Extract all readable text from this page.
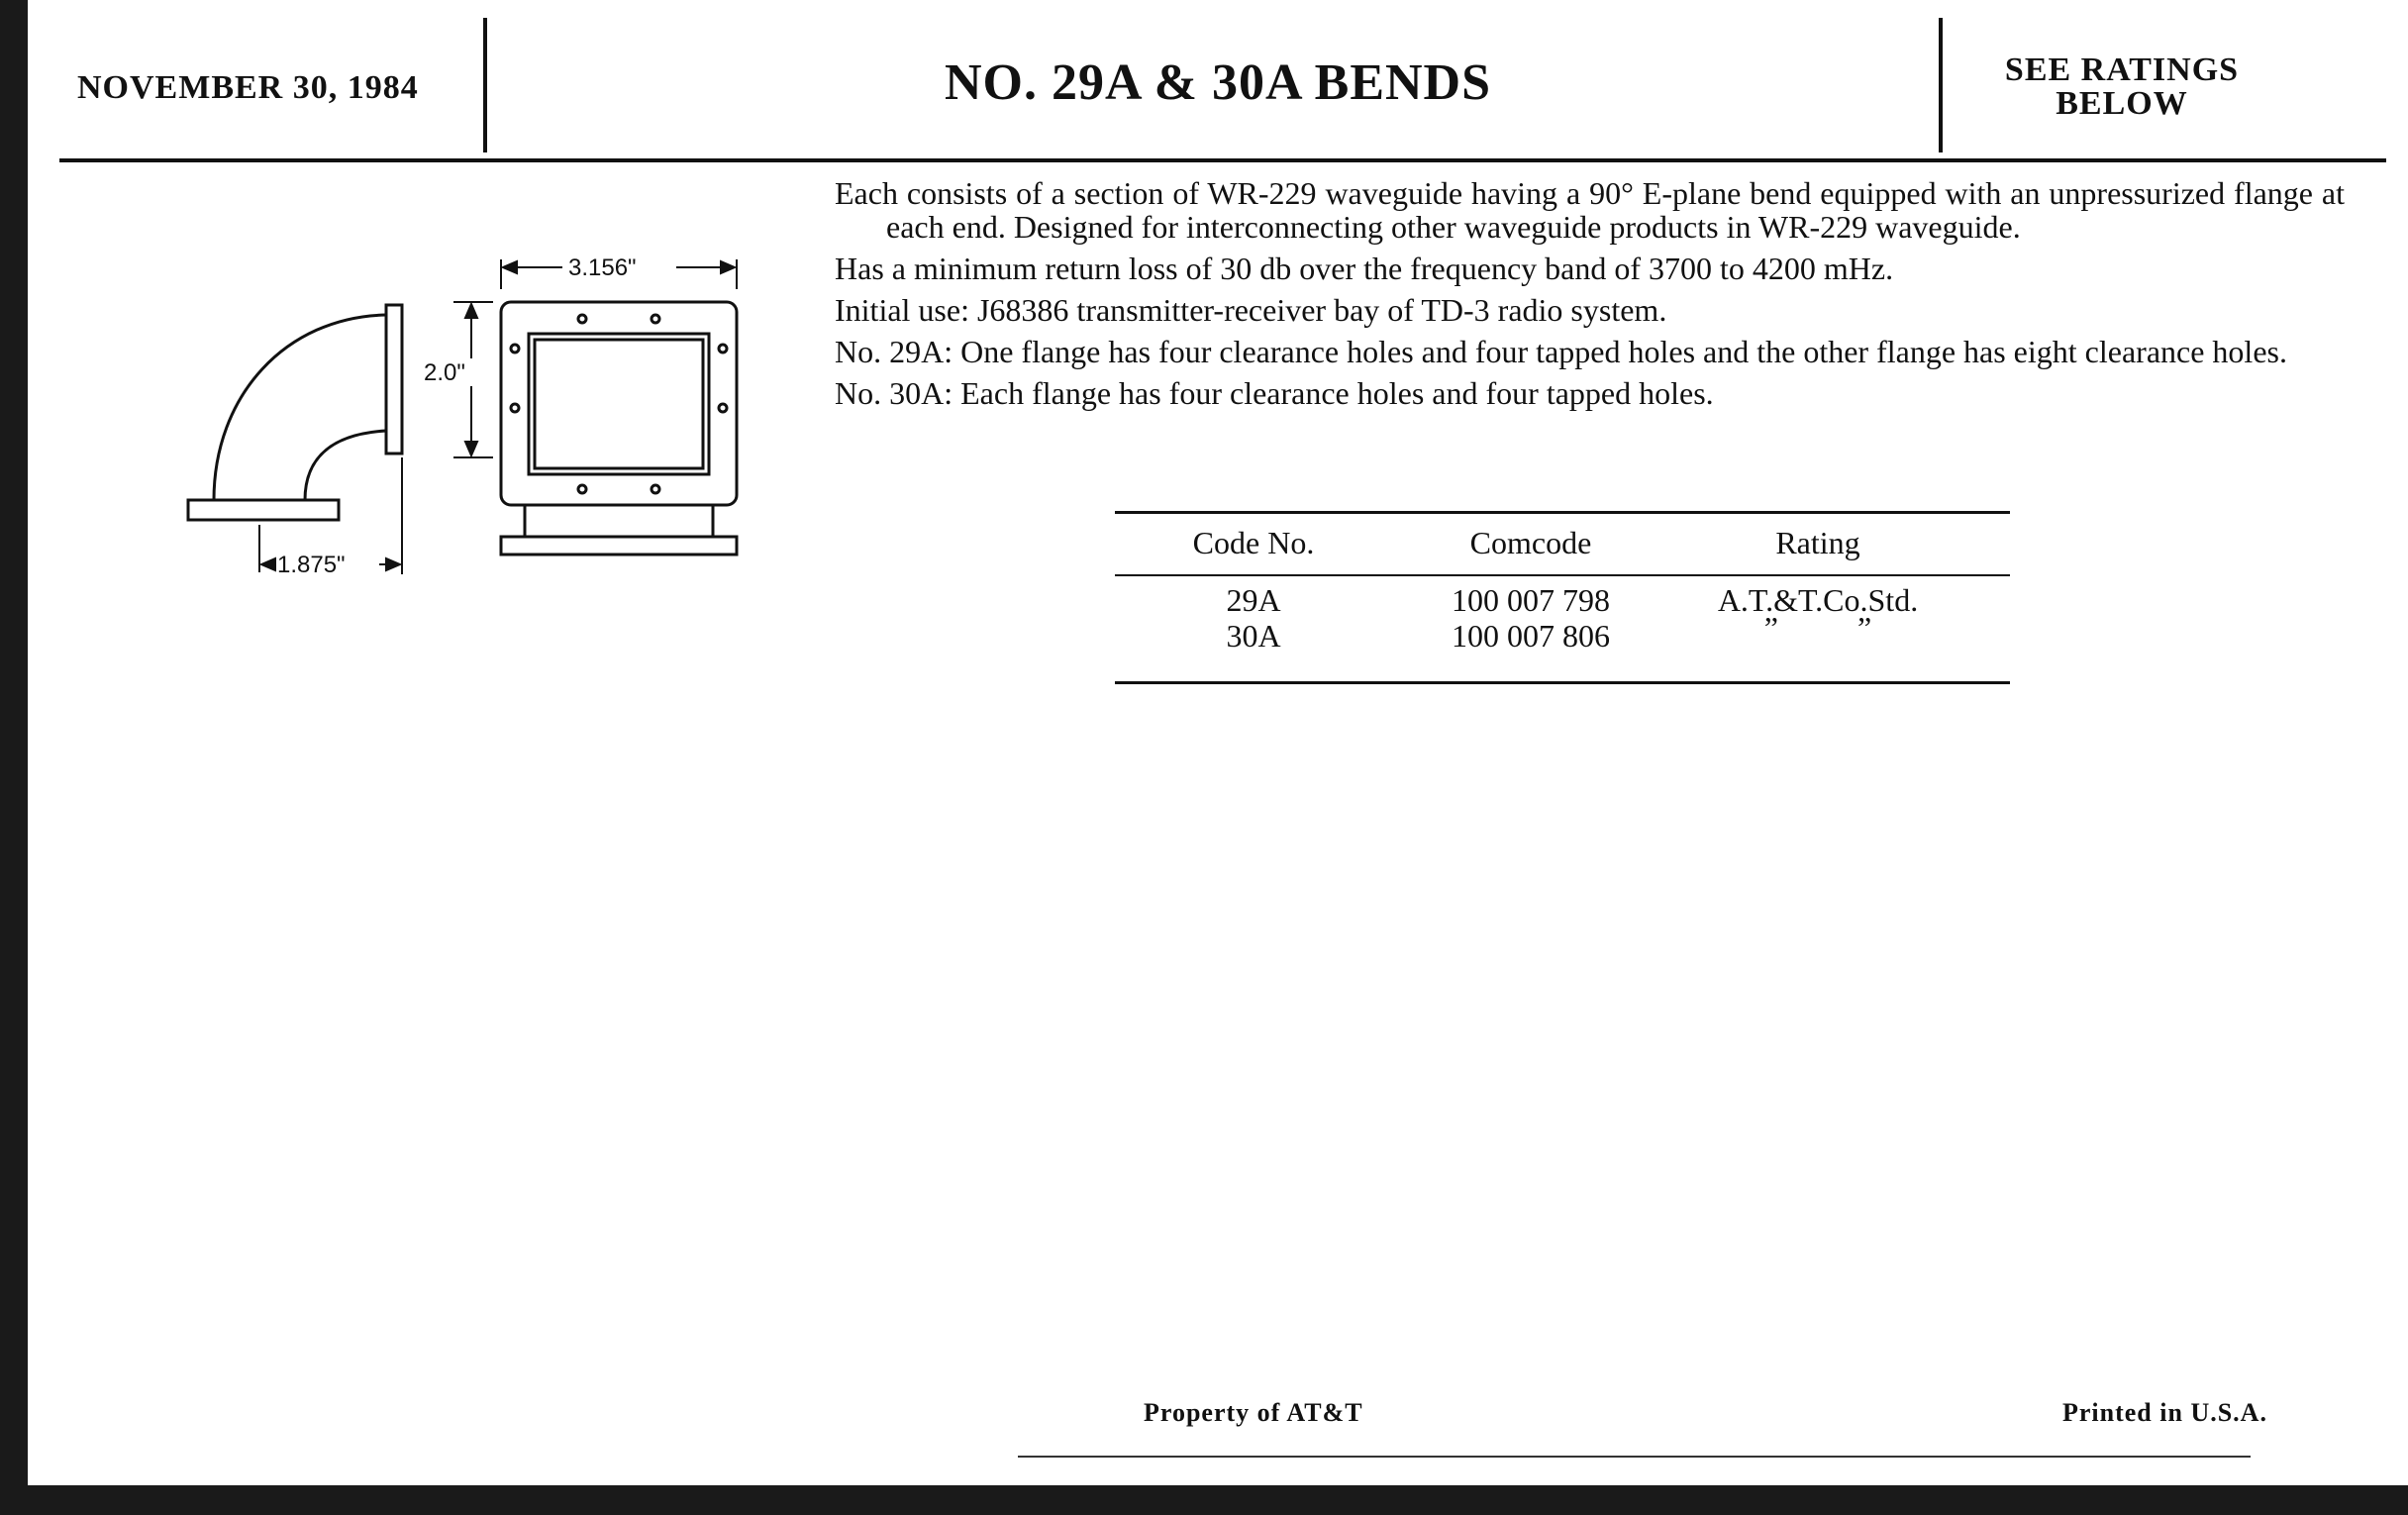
NOVEMBER 30, 1984	NO. 29A & 30A BENDS	SEE RATINGS
BELOW
3.156"
2.0"
1.875"

Each consists of a section of WR-229 waveguide having a 90° E-plane bend equipped with an unpressurized flange at each end. Designed for interconnecting other waveguide products in WR-229 waveguide.

Has a minimum return loss of 30 db over the frequency band of 3700 to 4200 mHz.

Initial use: J68386 transmitter-receiver bay of TD-3 radio system.

No. 29A: One flange has four clearance holes and four tapped holes and the other flange has eight clearance holes.

No. 30A: Each flange has four clearance holes and four tapped holes.

Code No.	Comcode	Rating
29A	100 007 798	A.T.&T.Co.Std.
30A	100 007 806	”          ”
Property of AT&T	Printed in U.S.A.
